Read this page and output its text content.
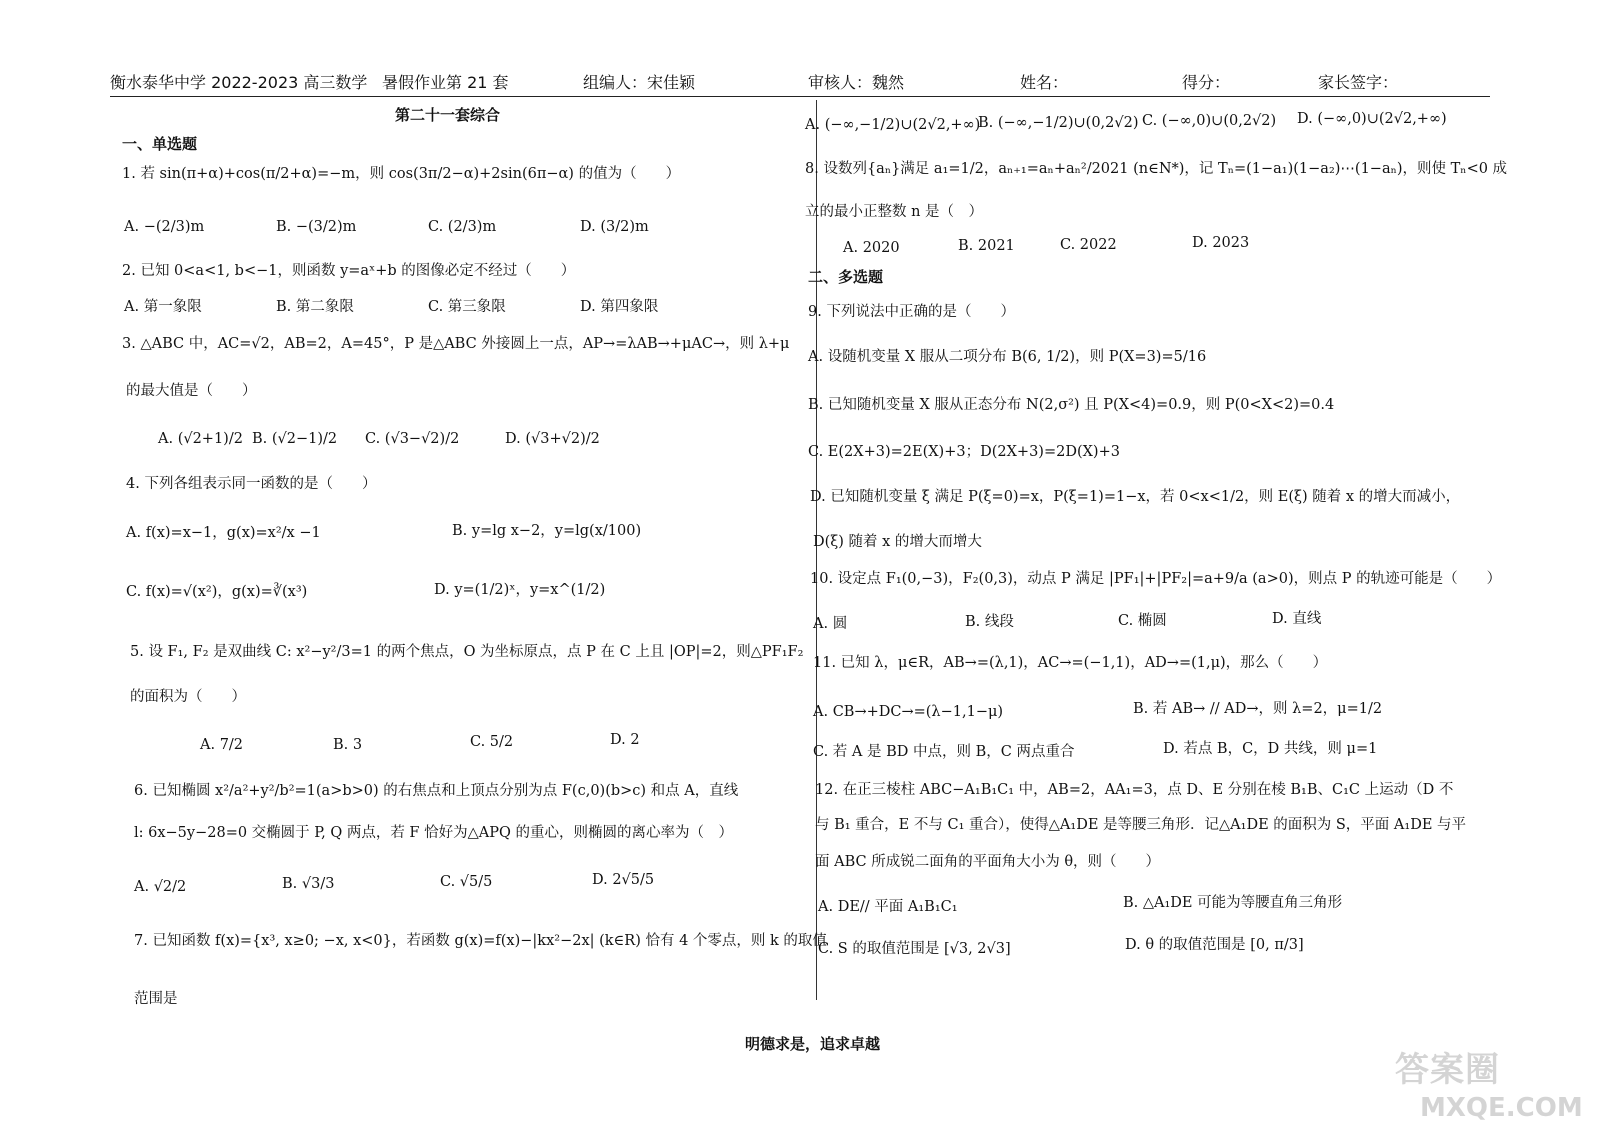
衡水泰华中学 2022-2023 高三数学 暑假作业第 21 套	组编人：宋佳颖	审核人：魏然	姓名：	得分：	家长签字：
第二十一套综合
一、单选题
1. 若 sin(π+α)+cos(π/2+α)=−m，则 cos(3π/2−α)+2sin(6π−α) 的值为（　　）
A. −(2/3)m	B. −(3/2)m	C. (2/3)m	D. (3/2)m
2. 已知 0<a<1, b<−1，则函数 y=aˣ+b 的图像必定不经过（　　）
A. 第一象限	B. 第二象限	C. 第三象限	D. 第四象限
3. △ABC 中，AC=√2，AB=2，A=45°，P 是△ABC 外接圆上一点，AP→=λAB→+μAC→，则 λ+μ
的最大值是（　　）
A. (√2+1)/2 B. (√2−1)/2 C. (√3−√2)/2	D. (√3+√2)/2
4. 下列各组表示同一函数的是（　　）
A. f(x)=x−1，g(x)=x²/x −1	B. y=lg x−2，y=lg(x/100)
C. f(x)=√(x²)，g(x)=∛(x³)	D. y=(1/2)ˣ，y=x^(1/2)
5. 设 F₁, F₂ 是双曲线 C: x²−y²/3=1 的两个焦点，O 为坐标原点，点 P 在 C 上且 |OP|=2，则△PF₁F₂
的面积为（　　）
A. 7/2	B. 3	C. 5/2	D. 2
6. 已知椭圆 x²/a²+y²/b²=1(a>b>0) 的右焦点和上顶点分别为点 F(c,0)(b>c) 和点 A，直线
l: 6x−5y−28=0 交椭圆于 P, Q 两点，若 F 恰好为△APQ 的重心，则椭圆的离心率为（　）
A. √2/2	B. √3/3	C. √5/5	D. 2√5/5
7. 已知函数 f(x)={x³, x≥0; −x, x<0}，若函数 g(x)=f(x)−|kx²−2x| (k∈R) 恰有 4 个零点，则 k 的取值
范围是
A. (−∞,−1/2)∪(2√2,+∞)
B. (−∞,−1/2)∪(0,2√2) C. (−∞,0)∪(0,2√2) D. (−∞,0)∪(2√2,+∞)
8. 设数列{aₙ}满足 a₁=1/2，aₙ₊₁=aₙ+aₙ²/2021 (n∈N*)，记 Tₙ=(1−a₁)(1−a₂)⋯(1−aₙ)，则使 Tₙ<0 成
立的最小正整数 n 是（　）
A. 2020	B. 2021	C. 2022	D. 2023
二、多选题
9. 下列说法中正确的是（　　）
A. 设随机变量 X 服从二项分布 B(6, 1/2)，则 P(X=3)=5/16
B. 已知随机变量 X 服从正态分布 N(2,σ²) 且 P(X<4)=0.9，则 P(0<X<2)=0.4
C. E(2X+3)=2E(X)+3；D(2X+3)=2D(X)+3
D. 已知随机变量 ξ 满足 P(ξ=0)=x，P(ξ=1)=1−x，若 0<x<1/2，则 E(ξ) 随着 x 的增大而减小，
D(ξ) 随着 x 的增大而增大
10. 设定点 F₁(0,−3)，F₂(0,3)，动点 P 满足 |PF₁|+|PF₂|=a+9/a (a>0)，则点 P 的轨迹可能是（　　）
A. 圆	B. 线段	C. 椭圆	D. 直线
11. 已知 λ，μ∈R，AB→=(λ,1)，AC→=(−1,1)，AD→=(1,μ)，那么（　　）
A. CB→+DC→=(λ−1,1−μ)	B. 若 AB→ // AD→，则 λ=2，μ=1/2
C. 若 A 是 BD 中点，则 B，C 两点重合	D. 若点 B，C，D 共线，则 μ=1
12. 在正三棱柱 ABC−A₁B₁C₁ 中，AB=2，AA₁=3，点 D、E 分别在棱 B₁B、C₁C 上运动（D 不
与 B₁ 重合，E 不与 C₁ 重合），使得△A₁DE 是等腰三角形．记△A₁DE 的面积为 S，平面 A₁DE 与平
面 ABC 所成锐二面角的平面角大小为 θ，则（　　）
A. DE// 平面 A₁B₁C₁	B. △A₁DE 可能为等腰直角三角形
C. S 的取值范围是 [√3, 2√3]	D. θ 的取值范围是 [0, π/3]
明德求是，追求卓越
答案圈
MXQE.COM
